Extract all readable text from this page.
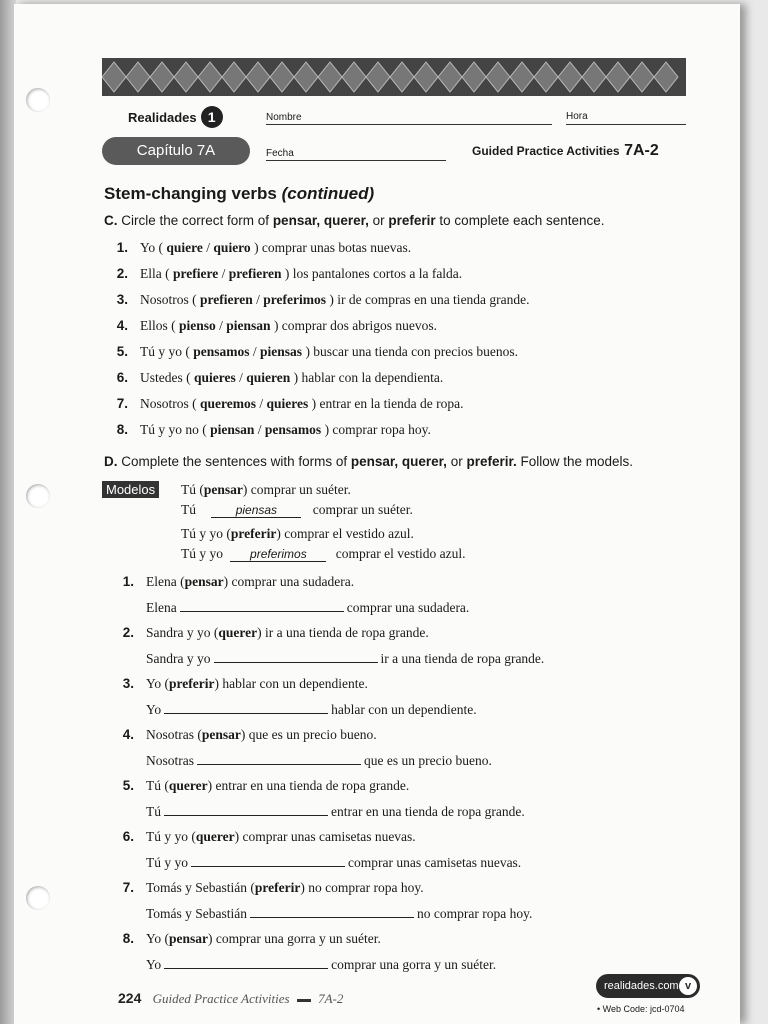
Realidades 1	Nombre	Hora
Capítulo 7A	Fecha	Guided Practice Activities 7A-2
Stem-changing verbs (continued)
C. Circle the correct form of pensar, querer, or preferir to complete each sentence.
1. Yo ( quiere / quiero ) comprar unas botas nuevas.
2. Ella ( prefiere / prefieren ) los pantalones cortos a la falda.
3. Nosotros ( prefieren / preferimos ) ir de compras en una tienda grande.
4. Ellos ( pienso / piensan ) comprar dos abrigos nuevos.
5. Tú y yo ( pensamos / piensas ) buscar una tienda con precios buenos.
6. Ustedes ( quieres / quieren ) hablar con la dependienta.
7. Nosotros ( queremos / quieres ) entrar en la tienda de ropa.
8. Tú y yo no ( piensan / pensamos ) comprar ropa hoy.
D. Complete the sentences with forms of pensar, querer, or preferir. Follow the models.
Modelos Tú (pensar) comprar un suéter.
Tú	piensas	comprar un suéter.
Tú y yo (preferir) comprar el vestido azul.
Tú y yo preferimos comprar el vestido azul.
1. Elena (pensar) comprar una sudadera.
Elena	comprar una sudadera.
2. Sandra y yo (querer) ir a una tienda de ropa grande.
Sandra y yo	ir a una tienda de ropa grande.
3. Yo (preferir) hablar con un dependiente.
Yo	hablar con un dependiente.
4. Nosotras (pensar) que es un precio bueno.
Nosotras	que es un precio bueno.
5. Tú (querer) entrar en una tienda de ropa grande.
Tú	entrar en una tienda de ropa grande.
6. Tú y yo (querer) comprar unas camisetas nuevas.
Tú y yo	comprar unas camisetas nuevas.
7. Tomás y Sebastián (preferir) no comprar ropa hoy.
Tomás y Sebastián	no comprar ropa hoy.
8. Yo (pensar) comprar una gorra y un suéter.
Yo	comprar una gorra y un suéter.
224 Guided Practice Activities 7A-2
realidades.com v
• Web Code: jcd-0704
